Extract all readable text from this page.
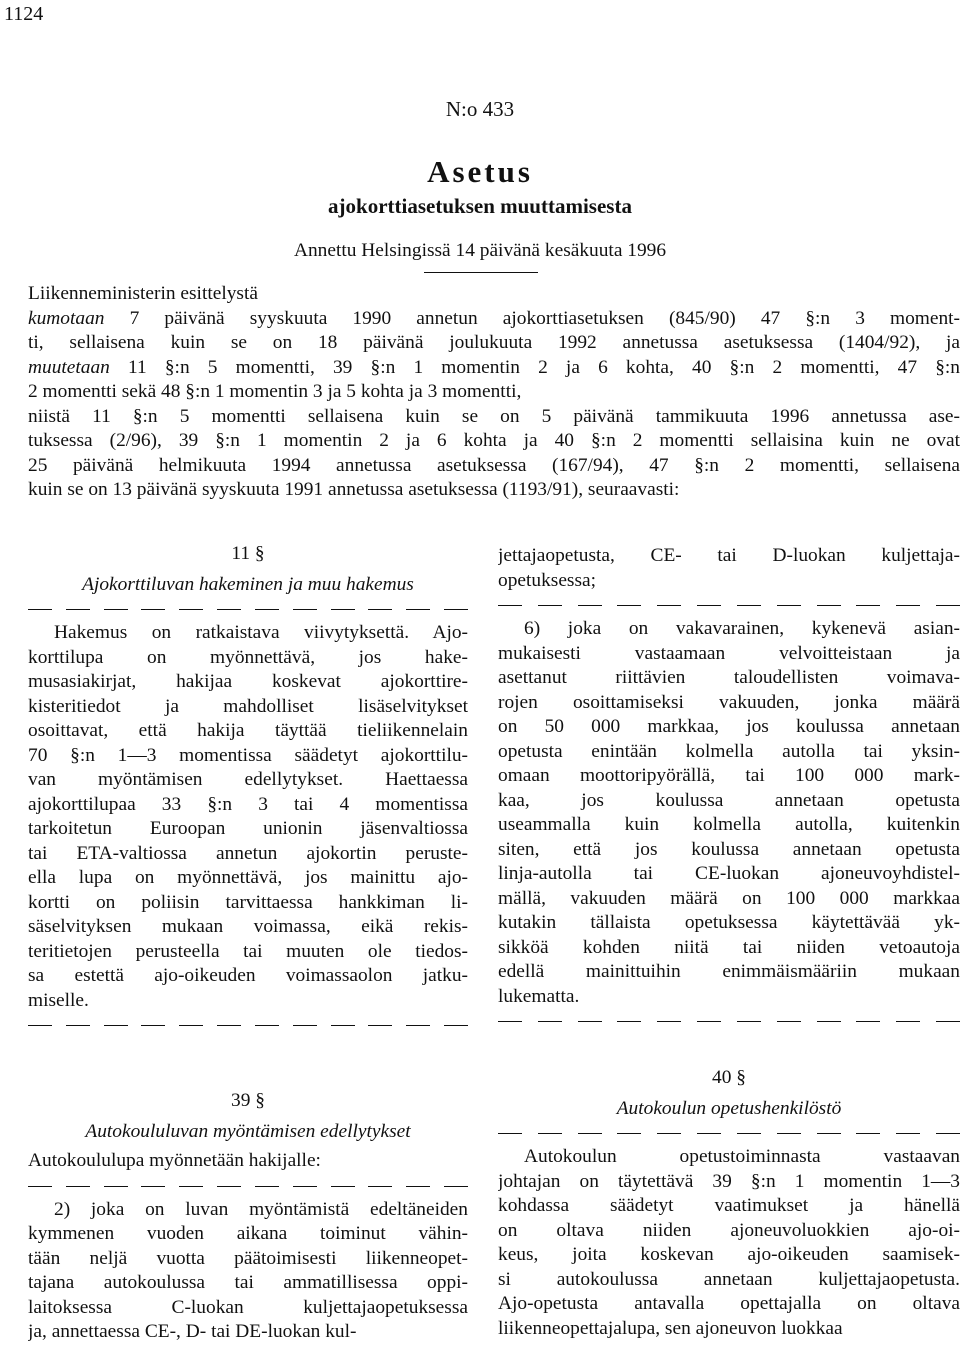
1124
N:o 433
Asetus
ajokorttiasetuksen muuttamisesta
Annettu Helsingissä 14 päivänä kesäkuuta 1996
Liikenneministerin esittelystä
kumotaan 7 päivänä syyskuuta 1990 annetun ajokorttiasetuksen (845/90) 47 §:n 3 moment-
ti, sellaisena kuin se on 18 päivänä joulukuuta 1992 annetussa asetuksessa (1404/92), ja
muutetaan 11 §:n 5 momentti, 39 §:n 1 momentin 2 ja 6 kohta, 40 §:n 2 momentti, 47 §:n
2 momentti sekä 48 §:n 1 momentin 3 ja 5 kohta ja 3 momentti,
niistä 11 §:n 5 momentti sellaisena kuin se on 5 päivänä tammikuuta 1996 annetussa ase-
tuksessa (2/96), 39 §:n 1 momentin 2 ja 6 kohta ja 40 §:n 2 momentti sellaisina kuin ne ovat
25 päivänä helmikuuta 1994 annetussa asetuksessa (167/94), 47 §:n 2 momentti, sellaisena
kuin se on 13 päivänä syyskuuta 1991 annetussa asetuksessa (1193/91), seuraavasti:
11 §
Ajokorttiluvan hakeminen ja muu hakemus
Hakemus on ratkaistava viivytyksettä. Ajo-
korttilupa on myönnettävä, jos hake-
musasiakirjat, hakijaa koskevat ajokorttire-
kisteritiedot ja mahdolliset lisäselvitykset
osoittavat, että hakija täyttää tieliikennelain
70 §:n 1—3 momentissa säädetyt ajokorttilu-
van myöntämisen edellytykset. Haettaessa
ajokorttilupaa 33 §:n 3 tai 4 momentissa
tarkoitetun Euroopan unionin jäsenvaltiossa
tai ETA-valtiossa annetun ajokortin peruste-
ella lupa on myönnettävä, jos mainittu ajo-
kortti on poliisin tarvittaessa hankkiman li-
säselvityksen mukaan voimassa, eikä rekis-
teritietojen perusteella tai muuten ole tiedos-
sa estettä ajo-oikeuden voimassaolon jatku-
miselle.
39 §
Autokoululuvan myöntämisen edellytykset
Autokoululupa myönnetään hakijalle:
2) joka on luvan myöntämistä edeltäneiden
kymmenen vuoden aikana toiminut vähin-
tään neljä vuotta päätoimisesti liikenneopet-
tajana autokoulussa tai ammatillisessa oppi-
laitoksessa C-luokan kuljettajaopetuksessa
ja, annettaessa CE-, D- tai DE-luokan kul-
jettajaopetusta, CE- tai D-luokan kuljettaja-
opetuksessa;
6) joka on vakavarainen, kykenevä asian-
mukaisesti vastaamaan velvoitteistaan ja
asettanut riittävien taloudellisten voimava-
rojen osoittamiseksi vakuuden, jonka määrä
on 50 000 markkaa, jos koulussa annetaan
opetusta enintään kolmella autolla tai yksin-
omaan moottoripyörällä, tai 100 000 mark-
kaa, jos koulussa annetaan opetusta
useammalla kuin kolmella autolla, kuitenkin
siten, että jos koulussa annetaan opetusta
linja-autolla tai CE-luokan ajoneuvoyhdistel-
mällä, vakuuden määrä on 100 000 markkaa
kutakin tällaista opetuksessa käytettävää yk-
sikköä kohden niitä tai niiden vetoautoja
edellä mainittuihin enimmäismääriin mukaan
lukematta.
40 §
Autokoulun opetushenkilöstö
Autokoulun opetustoiminnasta vastaavan
johtajan on täytettävä 39 §:n 1 momentin 1—3
kohdassa säädetyt vaatimukset ja hänellä
on oltava niiden ajoneuvoluokkien ajo-oi-
keus, joita koskevan ajo-oikeuden saamisek-
si autokoulussa annetaan kuljettajaopetusta.
Ajo-opetusta antavalla opettajalla on oltava
liikenneopettajalupa, sen ajoneuvon luokkaa
